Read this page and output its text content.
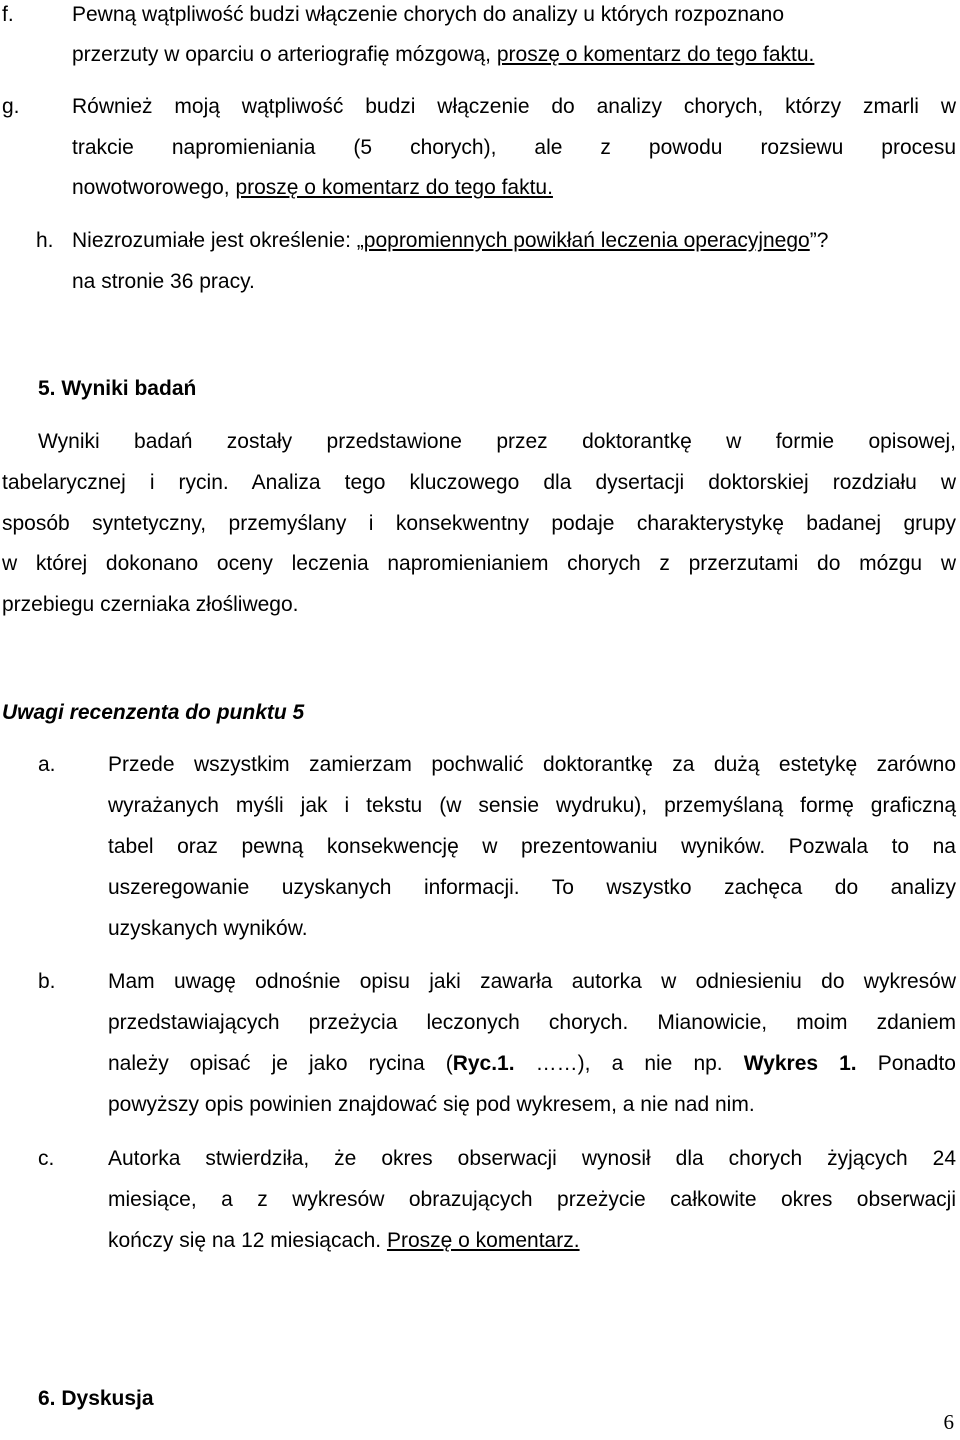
f.	Pewną wątpliwość budzi włączenie chorych do analizy u których rozpoznano
przerzuty w oparciu o arteriografię mózgową, proszę o komentarz do tego faktu.
g. Również moją wątpliwość budzi włączenie do analizy chorych, którzy zmarli w
trakcie napromieniania (5 chorych), ale z powodu rozsiewu procesu
nowotworowego, proszę o komentarz do tego faktu.
h. Niezrozumiałe jest określenie: „popromiennych powikłań leczenia operacyjnego”?
na stronie 36 pracy.
5. Wyniki badań
Wyniki badań zostały przedstawione przez doktorantkę w formie opisowej,
tabelarycznej i rycin. Analiza tego kluczowego dla dysertacji doktorskiej rozdziału w
sposób syntetyczny, przemyślany i konsekwentny podaje charakterystykę badanej grupy
w której dokonano oceny leczenia napromienianiem chorych z przerzutami do mózgu w
przebiegu czerniaka złośliwego.
Uwagi recenzenta do punktu 5
a. Przede wszystkim zamierzam pochwalić doktorantkę za dużą estetykę zarówno
wyrażanych myśli jak i tekstu (w sensie wydruku), przemyślaną formę graficzną
tabel oraz pewną konsekwencję w prezentowaniu wyników. Pozwala to na
uszeregowanie uzyskanych informacji. To wszystko zachęca do analizy
uzyskanych wyników.
b. Mam uwagę odnośnie opisu jaki zawarła autorka w odniesieniu do wykresów
przedstawiających przeżycia leczonych chorych. Mianowicie, moim zdaniem
należy opisać je jako rycina (Ryc.1. ……), a nie np. Wykres 1. Ponadto
powyższy opis powinien znajdować się pod wykresem, a nie nad nim.
c.	Autorka stwierdziła, że okres obserwacji wynosił dla chorych żyjących 24
miesiące, a z wykresów obrazujących przeżycie całkowite okres obserwacji
kończy się na 12 miesiącach. Proszę o komentarz.
6. Dyskusja
6
